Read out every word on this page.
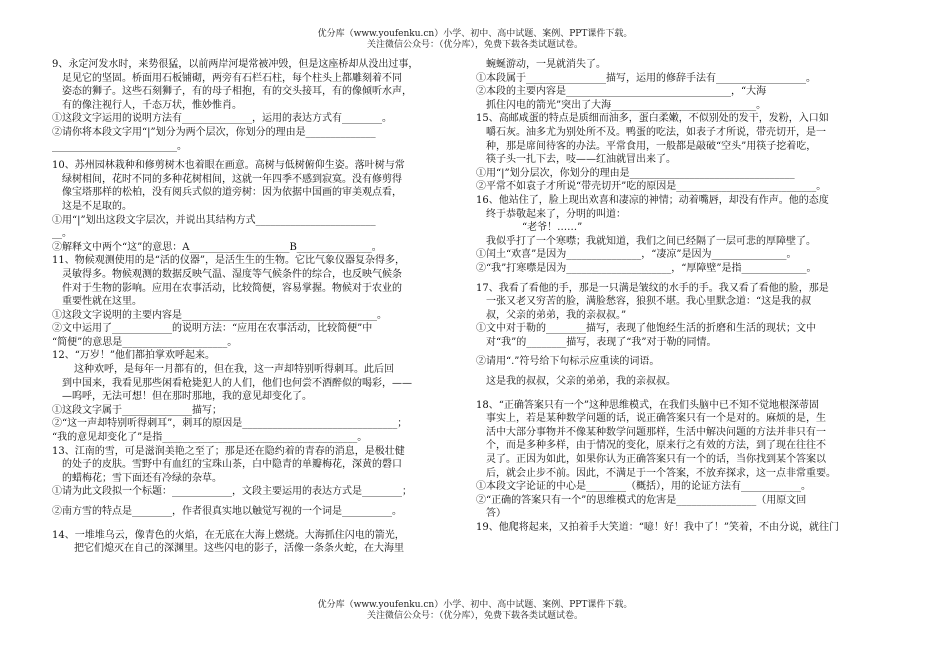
优分库（www.youfenku.cn）小学、初中、高中试题、案例、PPT课件下载。
关注微信公众号：（优分库），免费下载各类试题试卷。

9、永定河发水时，来势很猛，以前两岸河堤常被冲毁，但是这座桥却从没出过事，

足见它的坚固。桥面用石板铺砌，两旁有石栏石柱，每个柱头上都雕刻着不同

姿态的狮子。这些石刻狮子，有的母子相抱，有的交头接耳，有的像倾听水声，

有的像注视行人，千态万状，惟妙惟肖。

①这段文字运用的说明方法有______________，运用的表达方式有________。

②请你将本段文字用“|”划分为两个层次，你划分的理由是______________

_________________________。

10、苏州园林栽种和修剪树木也着眼在画意。高树与低树俯仰生姿。落叶树与常

绿树相间，花时不同的多种花树相间，这就一年四季不感到寂寞。没有修剪得

像宝塔那样的松柏，没有阅兵式似的道旁树：因为依据中国画的审美观点看，

这是不足取的。

①用“|”划出这段文字层次，并说出其结构方式________________________

__。

②解释文中两个“这”的意思：A____________________B_______________。

11、物候观测使用的是“活的仪器”，是活生生的生物。它比气象仪器复杂得多，

灵敏得多。物候观测的数据反映气温、湿度等气候条件的综合，也反映气候条

件对于生物的影响。应用在农事活动，比较简便，容易掌握。物候对于农业的

重要性就在这里。

①这段文字说明的主要内容是_______________________________________。

②文中运用了____________的说明方法：“应用在农事活动，比较简便”中

“简便”的意思是_____________________。

12、“万岁！”他们都拍掌欢呼起来。

这种欢呼，是每年一月都有的，但在我，这一声却特别听得刺耳。此后回

到中国来，我看见那些闲看枪毙犯人的人们，他们也何尝不酒醉似的喝彩，——

—呜呼，无法可想！但在那时那地，我的意见却变化了。

①这段文字属于______________描写；

②“这一声却特别听得刺耳”，刺耳的原因是_______________________________；

“我的意见却变化了”是指_______________________________________。

13、江南的雪，可是滋润美艳之至了；那是还在隐约着的青春的消息，是极壮健

的处子的皮肤。雪野中有血红的宝珠山茶，白中隐青的单瓣梅花，深黄的磬口

的蜡梅花；雪下面还有冷绿的杂草。

①请为此文段拟一个标题：____________，文段主要运用的表达方式是________；

②南方雪的特点是________，作者很真实地以触觉写视的一个词是__________。

14、一堆堆乌云，像青色的火焰，在无底在大海上燃烧。大海抓住闪电的箭光，

把它们熄灭在自己的深渊里。这些闪电的影子，活像一条条火蛇，在大海里

蜿蜒游动，一晃就消失了。

①本段属于________________描写，运用的修辞手法有__________________。

②本段的主要内容是_________________________________，“大海

抓住闪电的箭光”突出了大海_____________________________。

15、高邮咸蛋的特点是质细而油多，蛋白柔嫩，不似别处的发干，发粉，入口如

嚼石灰。油多尤为别处所不及。鸭蛋的吃法，如表子才所说，带壳切开，是一

种，那是席间待客的办法。平常食用，一般都是敲破“空头”用筷子挖着吃，

筷子头一扎下去，吱——红油就冒出来了。

①用“|”划分层次，你划分的理由是_________________________________

②平常不如袁子才所说“带壳切开”吃的原因是____________________________。

16、他站住了，脸上现出欢喜和凄凉的神情；动着嘴唇，却没有作声。他的态度

终于恭敬起来了，分明的叫道：

“老爷！……”

我似乎打了一个寒噤；我就知道，我们之间已经隔了一层可悲的厚障壁了。

①闰土“欢喜”是因为_______________，“凄凉”是因为_______________。

②“我”打寒噤是因为_____________________，“厚障壁”是指_____________。

17、我看了看他的手，那是一只满是皱纹的水手的手。我又看了看他的脸，那是

一张又老又穷苦的脸，满脸愁容，狼狈不堪。我心里默念道：“这是我的叔

叔，父亲的弟弟，我的亲叔叔。”

①文中对于勒的________描写，表现了他饱经生活的折磨和生活的现状；文中

对“我”的________描写，表现了“我”对于勒的同情。

②请用“.”符号给下句标示应重读的词语。

这是我的叔叔，父亲的弟弟，我的亲叔叔。

18、“正确答案只有一个”这种思维模式，在我们头脑中已不知不觉地根深蒂固

事实上，若是某种数学问题的话，说正确答案只有一个是对的。麻烦的是，生

活中大部分事物并不像某种数学问题那样，生活中解决问题的方法并非只有一

个，而是多种多样，由于情况的变化，原来行之有效的方法，到了现在往往不

灵了。正因为如此，如果你认为正确答案只有一个的话，当你找到某个答案以

后，就会止步不前。因此，不满足于一个答案，不放弃探求，这一点非常重要。

①本段文字论证的中心是________（概括），用的论证方法有____________。

②“正确的答案只有一个”的思维模式的危害是________________（用原文回

答）

19、他爬将起来，又拍着手大笑道：“噫！好！我中了！”笑着，不由分说，就往门

优分库（www.youfenku.cn）小学、初中、高中试题、案例、PPT课件下载。
关注微信公众号：（优分库），免费下载各类试题试卷。
